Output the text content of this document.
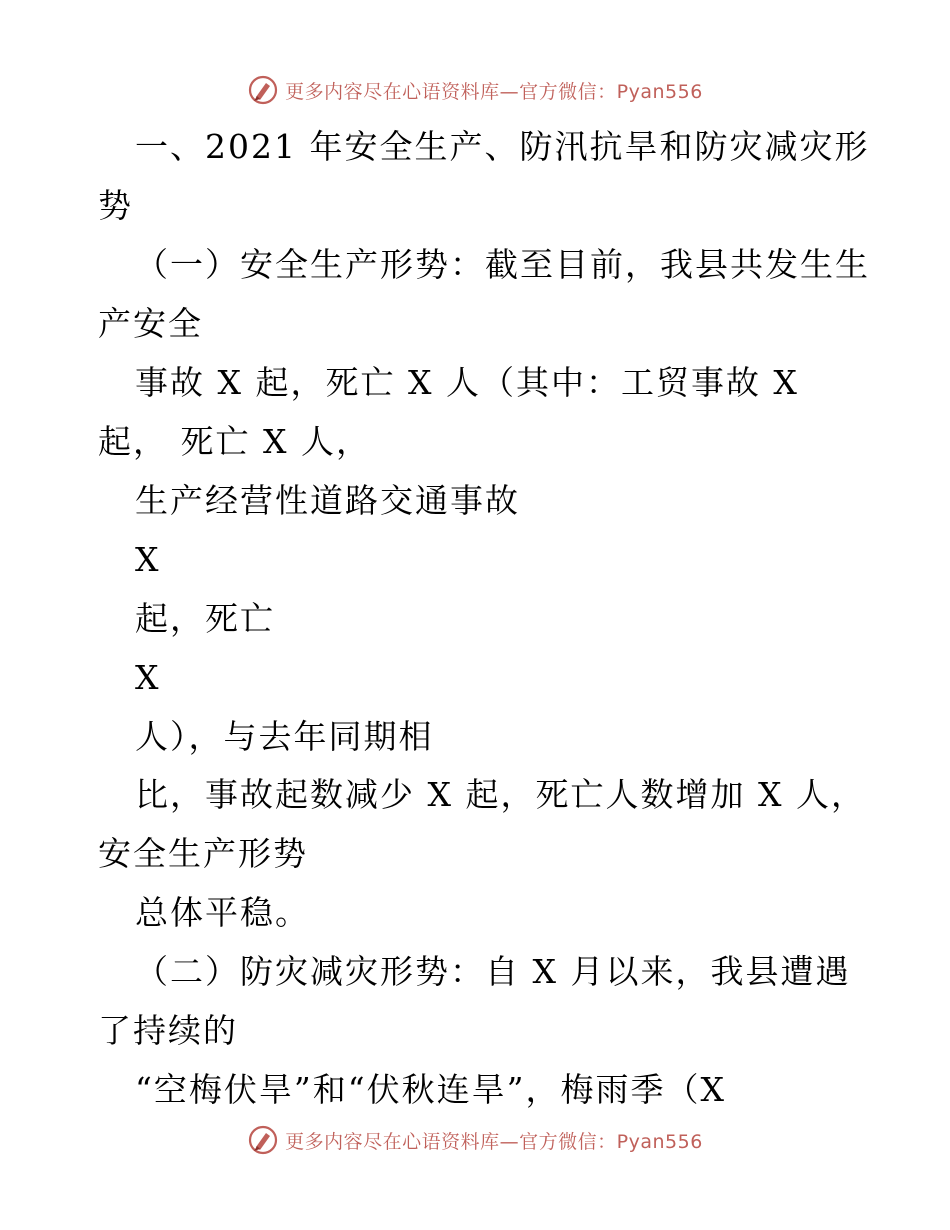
更多内容尽在心语资料库—官方微信：Pyan556
一、2021 年安全生产、防汛抗旱和防灾减灾形
势
（一）安全生产形势：截至目前，我县共发生生
产安全
事故 X 起，死亡 X 人（其中：工贸事故 X
起， 死亡 X 人，
生产经营性道路交通事故
X
起，死亡
X
人），与去年同期相
比，事故起数减少 X 起，死亡人数增加 X 人，
安全生产形势
总体平稳。
（二）防灾减灾形势：自 X 月以来，我县遭遇
了持续的
“空梅伏旱”和“伏秋连旱”，梅雨季（X
更多内容尽在心语资料库—官方微信：Pyan556
